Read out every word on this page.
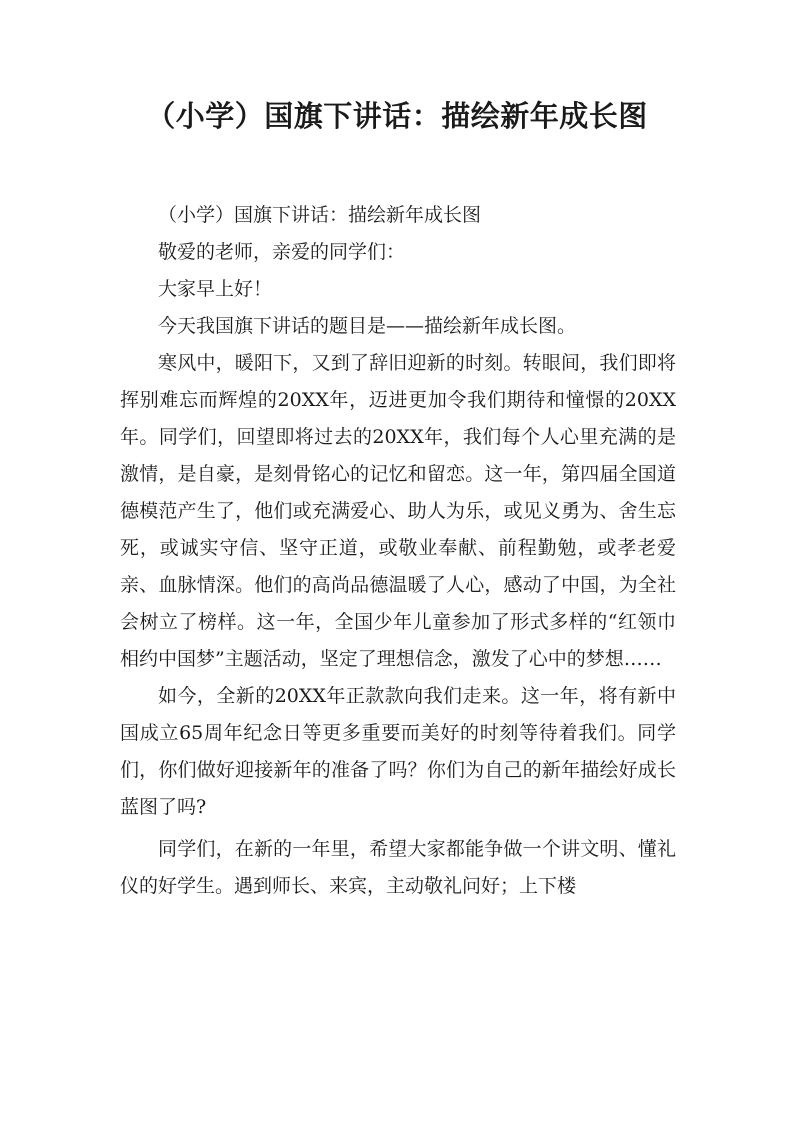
（小学）国旗下讲话：描绘新年成长图

（小学）国旗下讲话：描绘新年成长图

敬爱的老师，亲爱的同学们：

大家早上好！

今天我国旗下讲话的题目是——描绘新年成长图。

寒风中，暖阳下，又到了辞旧迎新的时刻。转眼间，我们即将挥别难忘而辉煌的20XX年，迈进更加令我们期待和憧憬的20XX年。同学们，回望即将过去的20XX年，我们每个人心里充满的是激情，是自豪，是刻骨铭心的记忆和留恋。这一年，第四届全国道德模范产生了，他们或充满爱心、助人为乐，或见义勇为、舍生忘死，或诚实守信、坚守正道，或敬业奉献、前程勤勉，或孝老爱亲、血脉情深。他们的高尚品德温暖了人心，感动了中国，为全社会树立了榜样。这一年，全国少年儿童参加了形式多样的“红领巾相约中国梦”主题活动，坚定了理想信念，激发了心中的梦想……

如今，全新的20XX年正款款向我们走来。这一年，将有新中国成立65周年纪念日等更多重要而美好的时刻等待着我们。同学们，你们做好迎接新年的准备了吗？你们为自己的新年描绘好成长蓝图了吗?

同学们，在新的一年里，希望大家都能争做一个讲文明、懂礼仪的好学生。遇到师长、来宾，主动敬礼问好；上下楼
